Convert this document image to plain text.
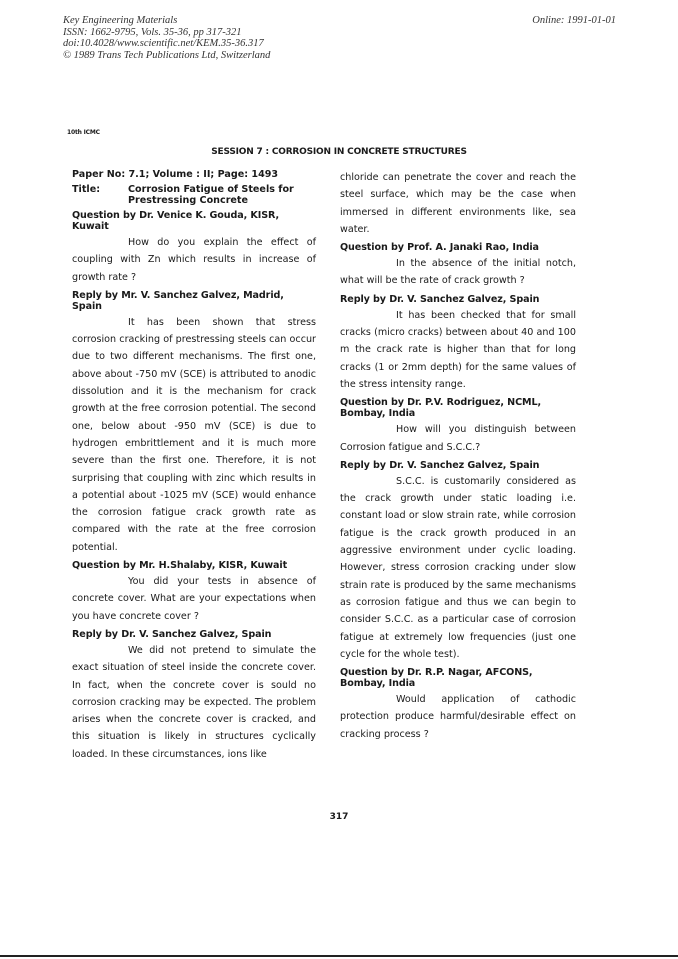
Key Engineering Materials
ISSN: 1662-9795, Vols. 35-36, pp 317-321
doi:10.4028/www.scientific.net/KEM.35-36.317
© 1989 Trans Tech Publications Ltd, Switzerland
Online: 1991-01-01
10th ICMC
SESSION 7 : CORROSION IN CONCRETE STRUCTURES

Paper No: 7.1; Volume : II; Page: 1493

Title:	Corrosion Fatigue of Steels for Prestressing Concrete

Question by Dr. Venice K. Gouda, KISR, Kuwait

How do you explain the effect of coupling with Zn which results in increase of growth rate ?

Reply by Mr. V. Sanchez Galvez, Madrid, Spain

It has been shown that stress corrosion cracking of prestressing steels can occur due to two different mechanisms. The first one, above about -750 mV (SCE) is attributed to anodic dissolution and it is the mechanism for crack growth at the free corrosion potential. The second one, below about -950 mV (SCE) is due to hydrogen embrittlement and it is much more severe than the first one. Therefore, it is not surprising that coupling with zinc which results in a potential about -1025 mV (SCE) would enhance the corrosion fatigue crack growth rate as compared with the rate at the free corrosion potential.

Question by Mr. H.Shalaby, KISR, Kuwait

You did your tests in absence of concrete cover. What are your expectations when you have concrete cover ?

Reply by Dr. V. Sanchez Galvez, Spain

We did not pretend to simulate the exact situation of steel inside the concrete cover. In fact, when the concrete cover is sould no corrosion cracking may be expected. The problem arises when the concrete cover is cracked, and this situation is likely in structures cyclically loaded. In these circumstances, ions like

chloride can penetrate the cover and reach the steel surface, which may be the case when immersed in different environments like, sea water.

Question by Prof. A. Janaki Rao, India

In the absence of the initial notch, what will be the rate of crack growth ?

Reply by Dr. V. Sanchez Galvez, Spain

It has been checked that for small cracks (micro cracks) between about 40 and 100 m the crack rate is higher than that for long cracks (1 or 2mm depth) for the same values of the stress intensity range.

Question by Dr. P.V. Rodriguez, NCML, Bombay, India

How will you distinguish between Corrosion fatigue and S.C.C.?

Reply by Dr. V. Sanchez Galvez, Spain

S.C.C. is customarily considered as the crack growth under static loading i.e. constant load or slow strain rate, while corrosion fatigue is the crack growth produced in an aggressive environment under cyclic loading. However, stress corrosion cracking under slow strain rate is produced by the same mechanisms as corrosion fatigue and thus we can begin to consider S.C.C. as a particular case of corrosion fatigue at extremely low frequencies (just one cycle for the whole test).

Question by Dr. R.P. Nagar, AFCONS, Bombay, India

Would application of cathodic protection produce harmful/desirable effect on cracking process ?

317
